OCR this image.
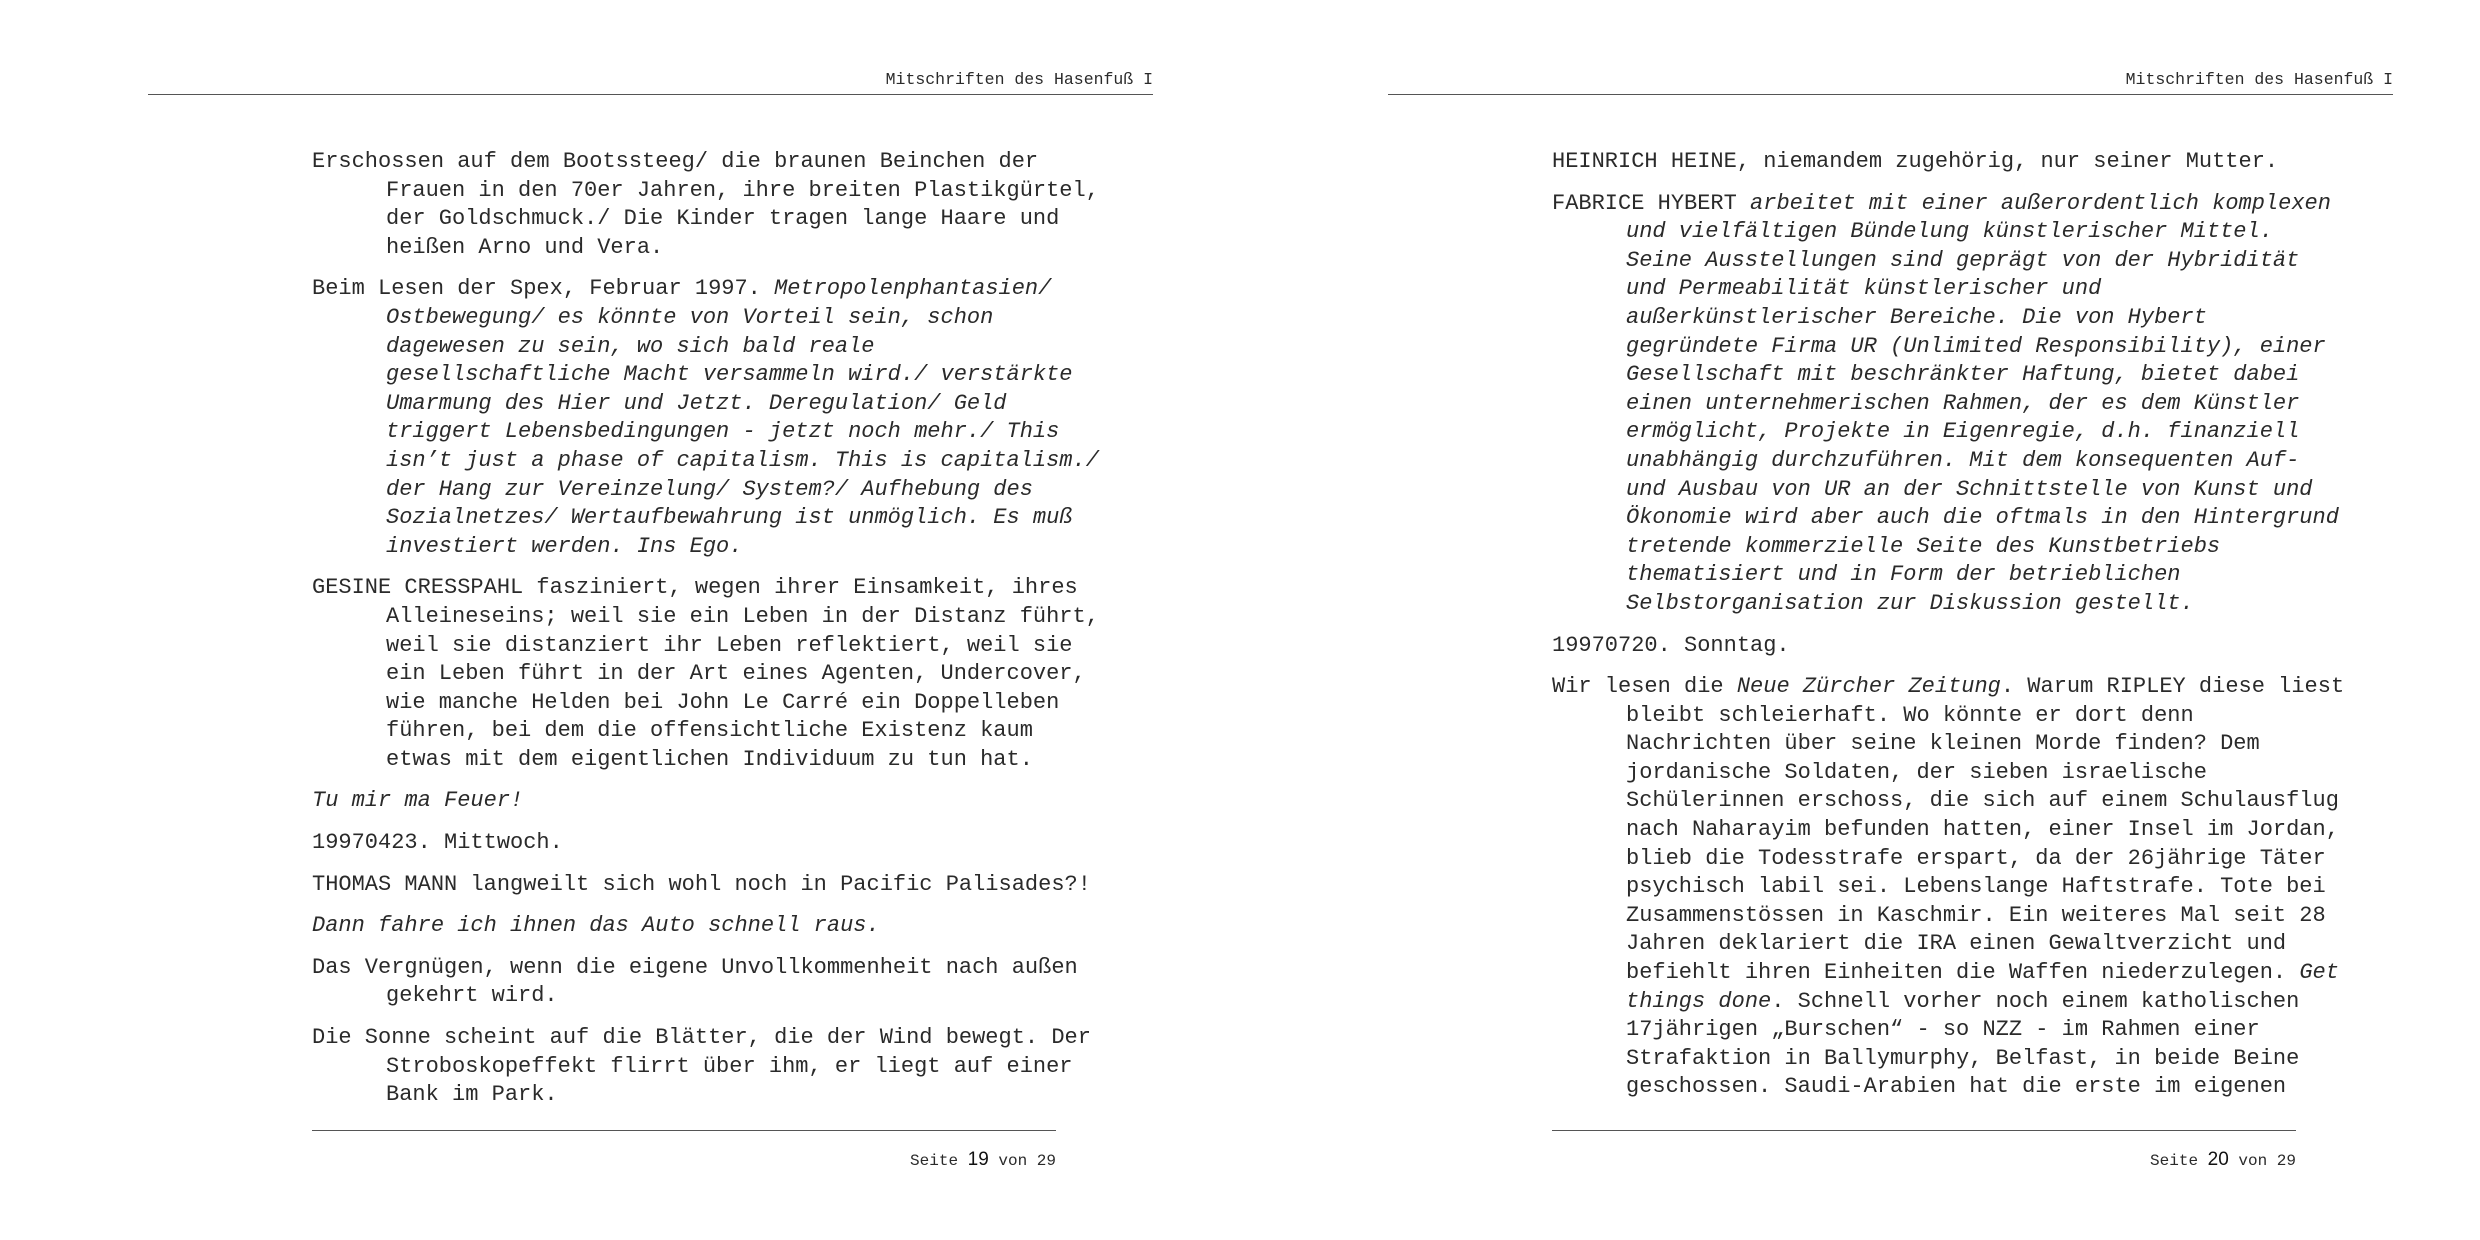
Mitschriften des Hasenfuß I

Erschossen auf dem Bootssteeg/ die braunen Beinchen der Frauen in den 70er Jahren, ihre breiten Plastikgürtel, der Goldschmuck./ Die Kinder tragen lange Haare und heißen Arno und Vera.

Beim Lesen der Spex, Februar 1997. Metropolenphantasien/ Ostbewegung/ es könnte von Vorteil sein, schon dagewesen zu sein, wo sich bald reale gesellschaftliche Macht versammeln wird./ verstärkte Umarmung des Hier und Jetzt. Deregulation/ Geld triggert Lebensbedingungen - jetzt noch mehr./ This isn’t just a phase of capitalism. This is capitalism./ der Hang zur Vereinzelung/ System?/ Aufhebung des Sozialnetzes/ Wertaufbewahrung ist unmöglich. Es muß investiert werden. Ins Ego.

GESINE CRESSPAHL fasziniert, wegen ihrer Einsamkeit, ihres Alleineseins; weil sie ein Leben in der Distanz führt, weil sie distanziert ihr Leben reflektiert, weil sie ein Leben führt in der Art eines Agenten, Undercover, wie manche Helden bei John Le Carré ein Doppelleben führen, bei dem die offensichtliche Existenz kaum etwas mit dem eigentlichen Individuum zu tun hat.

Tu mir ma Feuer!

19970423. Mittwoch.

THOMAS MANN langweilt sich wohl noch in Pacific Palisades?!

Dann fahre ich ihnen das Auto schnell raus.

Das Vergnügen, wenn die eigene Unvollkommenheit nach außen gekehrt wird.

Die Sonne scheint auf die Blätter, die der Wind bewegt. Der Stroboskopeffekt flirrt über ihm, er liegt auf einer Bank im Park.

Seite 19 von 29
Mitschriften des Hasenfuß I

HEINRICH HEINE, niemandem zugehörig, nur seiner Mutter.

FABRICE HYBERT arbeitet mit einer außerordentlich komplexen und vielfältigen Bündelung künstlerischer Mittel. Seine Ausstellungen sind geprägt von der Hybridität und Permeabilität künstlerischer und außerkünstlerischer Bereiche. Die von Hybert gegründete Firma UR (Unlimited Responsibility), einer Gesellschaft mit beschränkter Haftung, bietet dabei einen unternehmerischen Rahmen, der es dem Künstler ermöglicht, Projekte in Eigenregie, d.h. finanziell unabhängig durchzuführen. Mit dem konsequenten Auf- und Ausbau von UR an der Schnittstelle von Kunst und Ökonomie wird aber auch die oftmals in den Hintergrund tretende kommerzielle Seite des Kunstbetriebs thematisiert und in Form der betrieblichen Selbstorganisation zur Diskussion gestellt.

19970720. Sonntag.

Wir lesen die Neue Zürcher Zeitung. Warum RIPLEY diese liest bleibt schleierhaft. Wo könnte er dort denn Nachrichten über seine kleinen Morde finden? Dem jordanische Soldaten, der sieben israelische Schülerinnen erschoss, die sich auf einem Schulausflug nach Naharayim befunden hatten, einer Insel im Jordan, blieb die Todesstrafe erspart, da der 26jährige Täter psychisch labil sei. Lebenslange Haftstrafe. Tote bei Zusammenstössen in Kaschmir. Ein weiteres Mal seit 28 Jahren deklariert die IRA einen Gewaltverzicht und befiehlt ihren Einheiten die Waffen niederzulegen. Get things done. Schnell vorher noch einem katholischen 17jährigen „Burschen“ - so NZZ - im Rahmen einer Strafaktion in Ballymurphy, Belfast, in beide Beine geschossen. Saudi-Arabien hat die erste im eigenen

Seite 20 von 29
